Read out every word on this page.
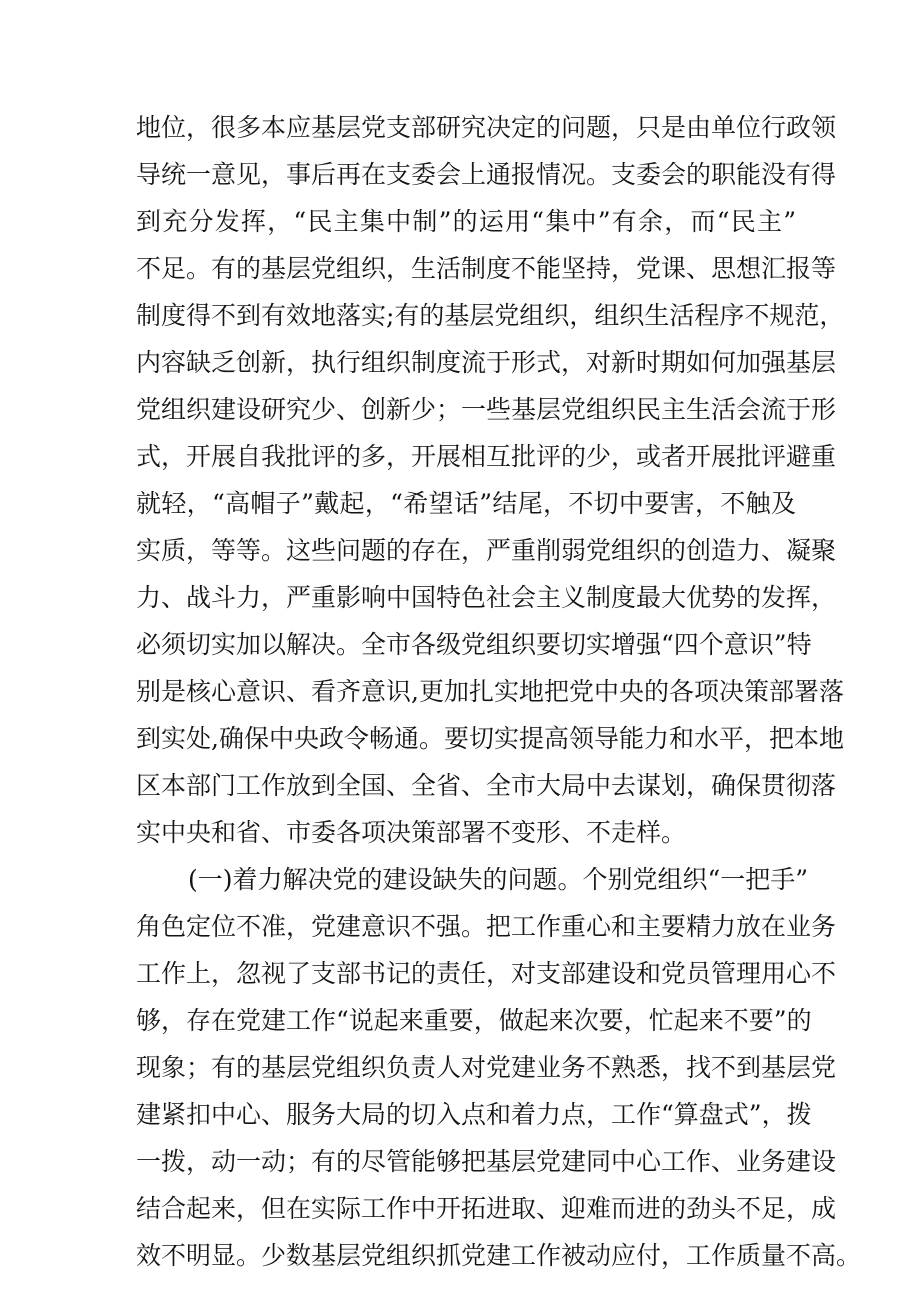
地位，很多本应基层党支部研究决定的问题，只是由单位行政领
导统一意见，事后再在支委会上通报情况。支委会的职能没有得
到充分发挥，“民主集中制”的运用“集中”有余，而“民主”
不足。有的基层党组织，生活制度不能坚持，党课、思想汇报等
制度得不到有效地落实;有的基层党组织，组织生活程序不规范，
内容缺乏创新，执行组织制度流于形式，对新时期如何加强基层
党组织建设研究少、创新少；一些基层党组织民主生活会流于形
式，开展自我批评的多，开展相互批评的少，或者开展批评避重
就轻，“高帽子”戴起，“希望话”结尾，不切中要害，不触及
实质，等等。这些问题的存在，严重削弱党组织的创造力、凝聚
力、战斗力，严重影响中国特色社会主义制度最大优势的发挥，
必须切实加以解决。全市各级党组织要切实增强“四个意识”特
别是核心意识、看齐意识,更加扎实地把党中央的各项决策部署落
到实处,确保中央政令畅通。要切实提高领导能力和水平，把本地
区本部门工作放到全国、全省、全市大局中去谋划，确保贯彻落
实中央和省、市委各项决策部署不变形、不走样。
(一)着力解决党的建设缺失的问题。个别党组织“一把手”
角色定位不准，党建意识不强。把工作重心和主要精力放在业务
工作上，忽视了支部书记的责任，对支部建设和党员管理用心不
够，存在党建工作“说起来重要，做起来次要，忙起来不要”的
现象；有的基层党组织负责人对党建业务不熟悉，找不到基层党
建紧扣中心、服务大局的切入点和着力点，工作“算盘式”，拨
一拨，动一动；有的尽管能够把基层党建同中心工作、业务建设
结合起来，但在实际工作中开拓进取、迎难而进的劲头不足，成
效不明显。少数基层党组织抓党建工作被动应付，工作质量不高。
